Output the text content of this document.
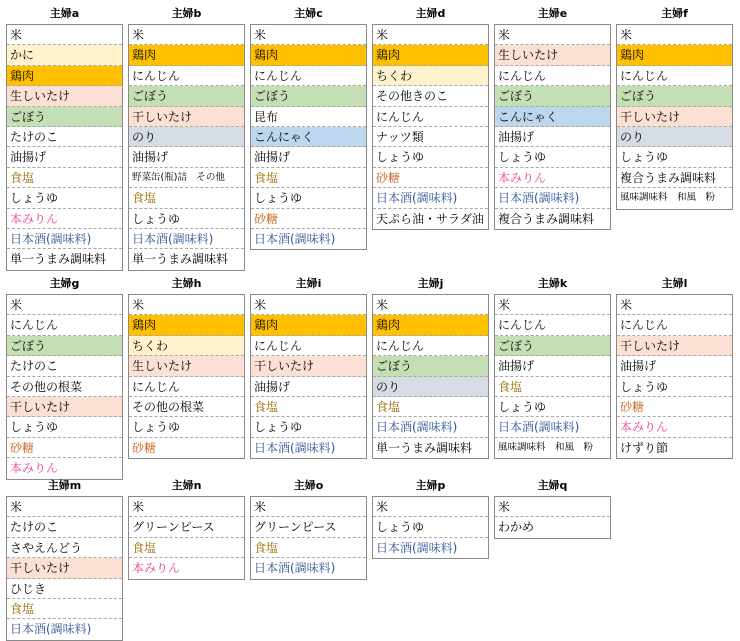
主婦a
米
かに
鶏肉
生しいたけ
ごぼう
たけのこ
油揚げ
食塩
しょうゆ
本みりん
日本酒(調味料)
単一うまみ調味料
主婦b
米
鶏肉
にんじん
ごぼう
干しいたけ
のり
油揚げ
野菜缶(瓶)詰　その他
食塩
しょうゆ
日本酒(調味料)
単一うまみ調味料
主婦c
米
鶏肉
にんじん
ごぼう
昆布
こんにゃく
油揚げ
食塩
しょうゆ
砂糖
日本酒(調味料)
主婦d
米
鶏肉
ちくわ
その他きのこ
にんじん
ナッツ類
しょうゆ
砂糖
日本酒(調味料)
天ぷら油・サラダ油
主婦e
米
生しいたけ
にんじん
ごぼう
こんにゃく
油揚げ
しょうゆ
本みりん
日本酒(調味料)
複合うまみ調味料
主婦f
米
鶏肉
にんじん
ごぼう
干しいたけ
のり
しょうゆ
複合うまみ調味料
風味調味料　和風　粉
主婦g
米
にんじん
ごぼう
たけのこ
その他の根菜
干しいたけ
しょうゆ
砂糖
本みりん
主婦h
米
鶏肉
ちくわ
生しいたけ
にんじん
その他の根菜
しょうゆ
砂糖
主婦i
米
鶏肉
にんじん
干しいたけ
油揚げ
食塩
しょうゆ
日本酒(調味料)
主婦j
米
鶏肉
にんじん
ごぼう
のり
食塩
日本酒(調味料)
単一うまみ調味料
主婦k
米
にんじん
ごぼう
油揚げ
食塩
しょうゆ
日本酒(調味料)
風味調味料　和風　粉
主婦l
米
にんじん
干しいたけ
油揚げ
しょうゆ
砂糖
本みりん
けずり節
主婦m
米
たけのこ
さやえんどう
干しいたけ
ひじき
食塩
日本酒(調味料)
主婦n
米
グリーンピース
食塩
本みりん
主婦o
米
グリーンピース
食塩
日本酒(調味料)
主婦p
米
しょうゆ
日本酒(調味料)
主婦q
米
わかめ
